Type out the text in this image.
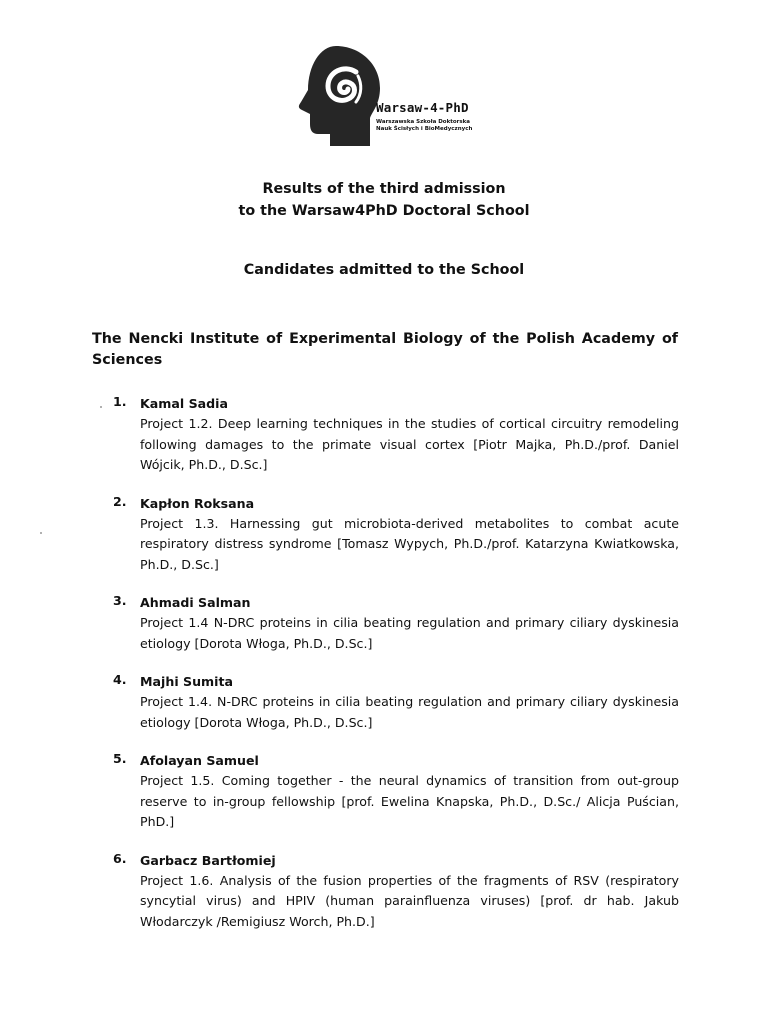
Warsaw-4-PhD
Warszawska Szkoła Doktorska
Nauk Ścisłych i BioMedycznych
Results of the third admission
to the Warsaw4PhD Doctoral School
Candidates admitted to the School
The Nencki Institute of Experimental Biology of the Polish Academy of Sciences
1. Kamal Sadia
Project 1.2. Deep learning techniques in the studies of cortical circuitry remodeling following damages to the primate visual cortex [Piotr Majka, Ph.D./prof. Daniel Wójcik, Ph.D., D.Sc.]
2. Kapłon Roksana
Project 1.3. Harnessing gut microbiota-derived metabolites to combat acute respiratory distress syndrome [Tomasz Wypych, Ph.D./prof. Katarzyna Kwiatkowska, Ph.D., D.Sc.]
3. Ahmadi Salman
Project 1.4 N-DRC proteins in cilia beating regulation and primary ciliary dyskinesia etiology [Dorota Włoga, Ph.D., D.Sc.]
4. Majhi Sumita
Project 1.4. N-DRC proteins in cilia beating regulation and primary ciliary dyskinesia etiology [Dorota Włoga, Ph.D., D.Sc.]
5. Afolayan Samuel
Project 1.5. Coming together - the neural dynamics of transition from out-group reserve to in-group fellowship [prof. Ewelina Knapska, Ph.D., D.Sc./ Alicja Puścian, PhD.]
6. Garbacz Bartłomiej
Project 1.6. Analysis of the fusion properties of the fragments of RSV (respiratory syncytial virus) and HPIV (human parainfluenza viruses) [prof. dr hab. Jakub Włodarczyk /Remigiusz Worch, Ph.D.]
